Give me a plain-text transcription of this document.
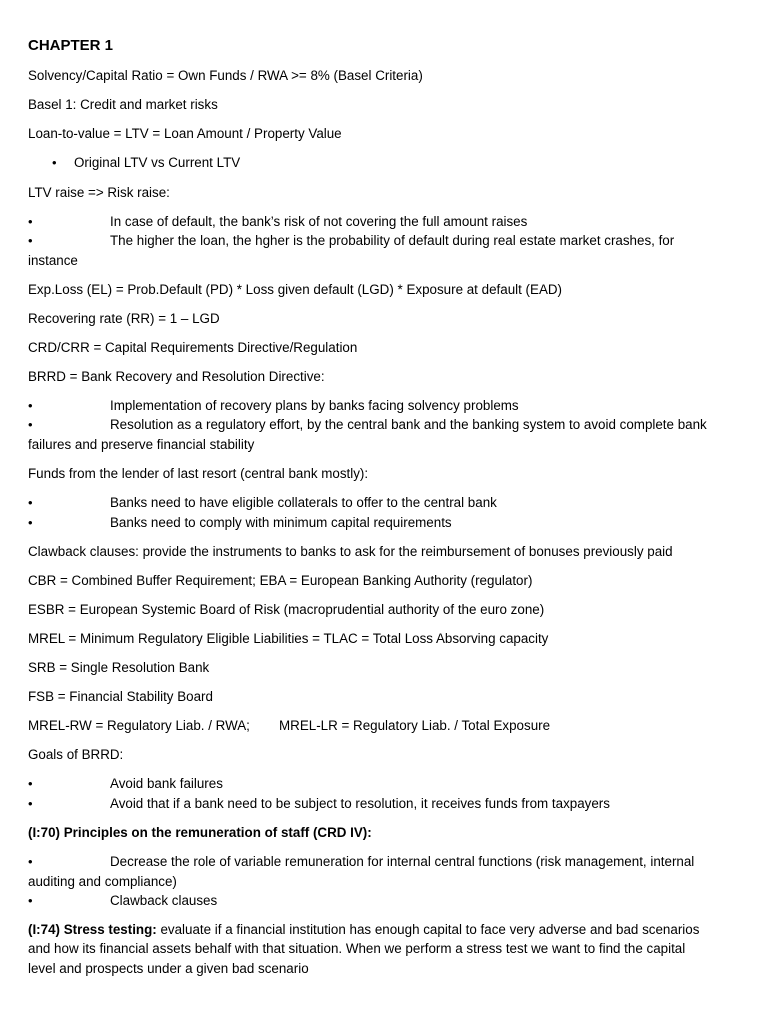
CHAPTER 1
Solvency/Capital Ratio = Own Funds / RWA >= 8% (Basel Criteria)
Basel 1: Credit and market risks
Loan-to-value = LTV = Loan Amount / Property Value
• Original LTV vs Current LTV
LTV raise => Risk raise:
•	In case of default, the bank’s risk of not covering the full amount raises
•	The higher the loan, the hgher is the probability of default during real estate market crashes, for
instance
Exp.Loss (EL) = Prob.Default (PD) * Loss given default (LGD) * Exposure at default (EAD)
Recovering rate (RR) = 1 – LGD
CRD/CRR = Capital Requirements Directive/Regulation
BRRD = Bank Recovery and Resolution Directive:
•	Implementation of recovery plans by banks facing solvency problems
•	Resolution as a regulatory effort, by the central bank and the banking system to avoid complete bank
failures and preserve financial stability
Funds from the lender of last resort (central bank mostly):
•	Banks need to have eligible collaterals to offer to the central bank
•	Banks need to comply with minimum capital requirements
Clawback clauses: provide the instruments to banks to ask for the reimbursement of bonuses previously paid
CBR = Combined Buffer Requirement; EBA = European Banking Authority (regulator)
ESBR = European Systemic Board of Risk (macroprudential authority of the euro zone)
MREL = Minimum Regulatory Eligible Liabilities = TLAC = Total Loss Absorving capacity
SRB = Single Resolution Bank
FSB = Financial Stability Board
MREL-RW = Regulatory Liab. / RWA; MREL-LR = Regulatory Liab. / Total Exposure
Goals of BRRD:
•	Avoid bank failures
•	Avoid that if a bank need to be subject to resolution, it receives funds from taxpayers
(I:70) Principles on the remuneration of staff (CRD IV):
•	Decrease the role of variable remuneration for internal central functions (risk management, internal
auditing and compliance)
•	Clawback clauses
(I:74) Stress testing: evaluate if a financial institution has enough capital to face very adverse and bad scenarios
and how its financial assets behalf with that situation. When we perform a stress test we want to find the capital
level and prospects under a given bad scenario
